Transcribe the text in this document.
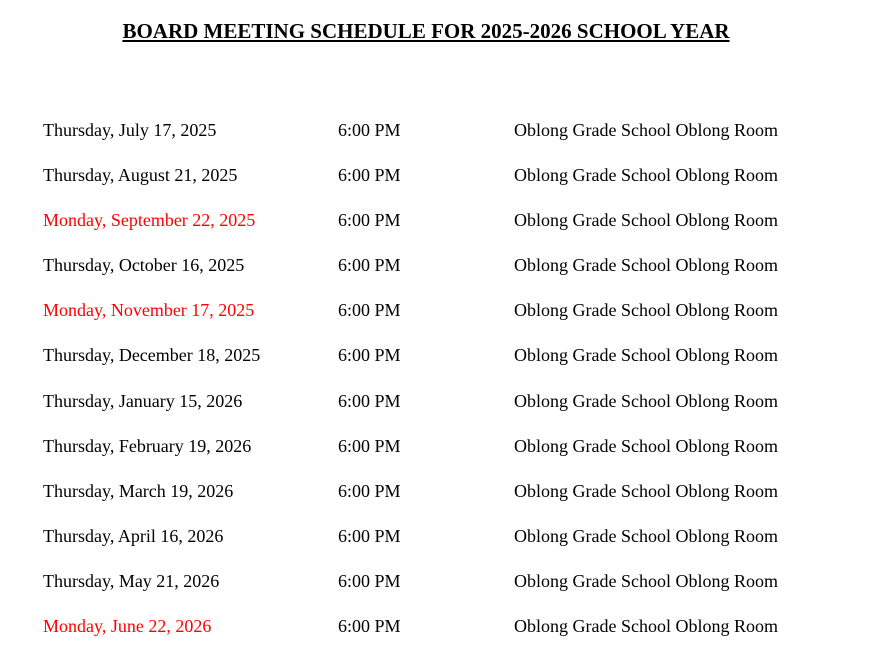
BOARD MEETING SCHEDULE FOR 2025-2026 SCHOOL YEAR
Thursday, July 17, 2025	6:00 PM	Oblong Grade School Oblong Room
Thursday, August 21, 2025	6:00 PM	Oblong Grade School Oblong Room
Monday, September 22, 2025	6:00 PM	Oblong Grade School Oblong Room
Thursday, October 16, 2025	6:00 PM	Oblong Grade School Oblong Room
Monday, November 17, 2025	6:00 PM	Oblong Grade School Oblong Room
Thursday, December 18, 2025	6:00 PM	Oblong Grade School Oblong Room
Thursday, January 15, 2026	6:00 PM	Oblong Grade School Oblong Room
Thursday, February 19, 2026	6:00 PM	Oblong Grade School Oblong Room
Thursday, March 19, 2026	6:00 PM	Oblong Grade School Oblong Room
Thursday, April 16, 2026	6:00 PM	Oblong Grade School Oblong Room
Thursday, May 21, 2026	6:00 PM	Oblong Grade School Oblong Room
Monday, June 22, 2026	6:00 PM	Oblong Grade School Oblong Room
